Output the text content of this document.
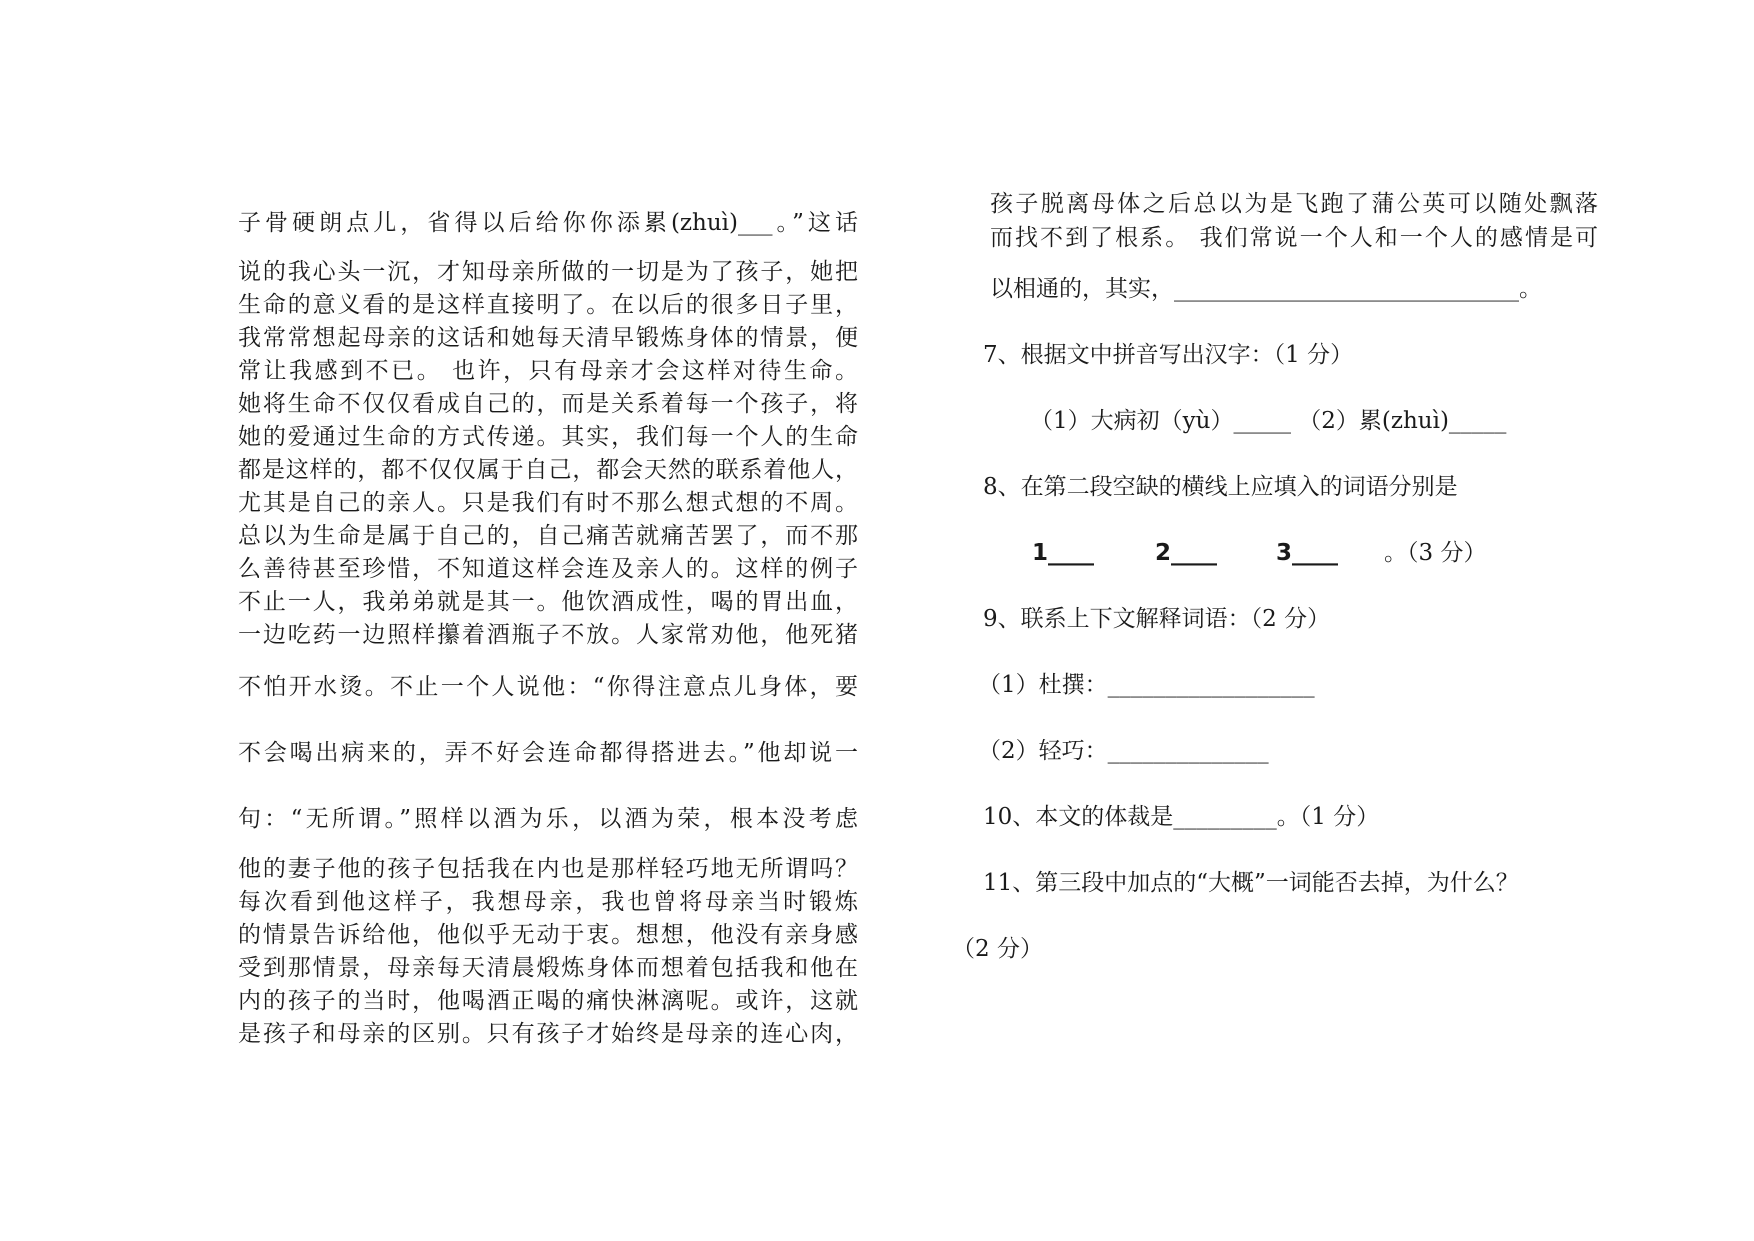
子骨硬朗点儿，省得以后给你你添累(zhuì)___。”这话
说的我心头一沉，才知母亲所做的一切是为了孩子，她把
生命的意义看的是这样直接明了。在以后的很多日子里，
我常常想起母亲的这话和她每天清早锻炼身体的情景，便
常让我感到不已。 也许，只有母亲才会这样对待生命。
她将生命不仅仅看成自己的，而是关系着每一个孩子，将
她的爱通过生命的方式传递。其实，我们每一个人的生命
都是这样的，都不仅仅属于自己，都会天然的联系着他人，
尤其是自己的亲人。只是我们有时不那么想式想的不周。
总以为生命是属于自己的，自己痛苦就痛苦罢了，而不那
么善待甚至珍惜，不知道这样会连及亲人的。这样的例子
不止一人，我弟弟就是其一。他饮酒成性，喝的胃出血，
一边吃药一边照样攥着酒瓶子不放。人家常劝他，他死猪
不怕开水烫。不止一个人说他：“你得注意点儿身体，要
不会喝出病来的，弄不好会连命都得搭进去。”他却说一
句：“无所谓。”照样以酒为乐，以酒为荣，根本没考虑
他的妻子他的孩子包括我在内也是那样轻巧地无所谓吗？
每次看到他这样子，我想母亲，我也曾将母亲当时锻炼
的情景告诉给他，他似乎无动于衷。想想，他没有亲身感
受到那情景，母亲每天清晨煅炼身体而想着包括我和他在
内的孩子的当时，他喝酒正喝的痛快淋漓呢。或许，这就
是孩子和母亲的区别。只有孩子才始终是母亲的连心肉，
孩子脱离母体之后总以为是飞跑了蒲公英可以随处飘落
而找不到了根系。 我们常说一个人和一个人的感情是可
以相通的，其实，______________________________。
7、根据文中拼音写出汉字：（1 分）
（1）大病初（yù）_____ （2）累(zhuì)_____
8、在第二段空缺的横线上应填入的词语分别是
1____	2____	3____ 。（3 分）
9、联系上下文解释词语：（2 分）
（1）杜撰：__________________
（2）轻巧：______________
10、本文的体裁是_________。（1 分）
11、第三段中加点的“大概”一词能否去掉，为什么？
（2 分）
